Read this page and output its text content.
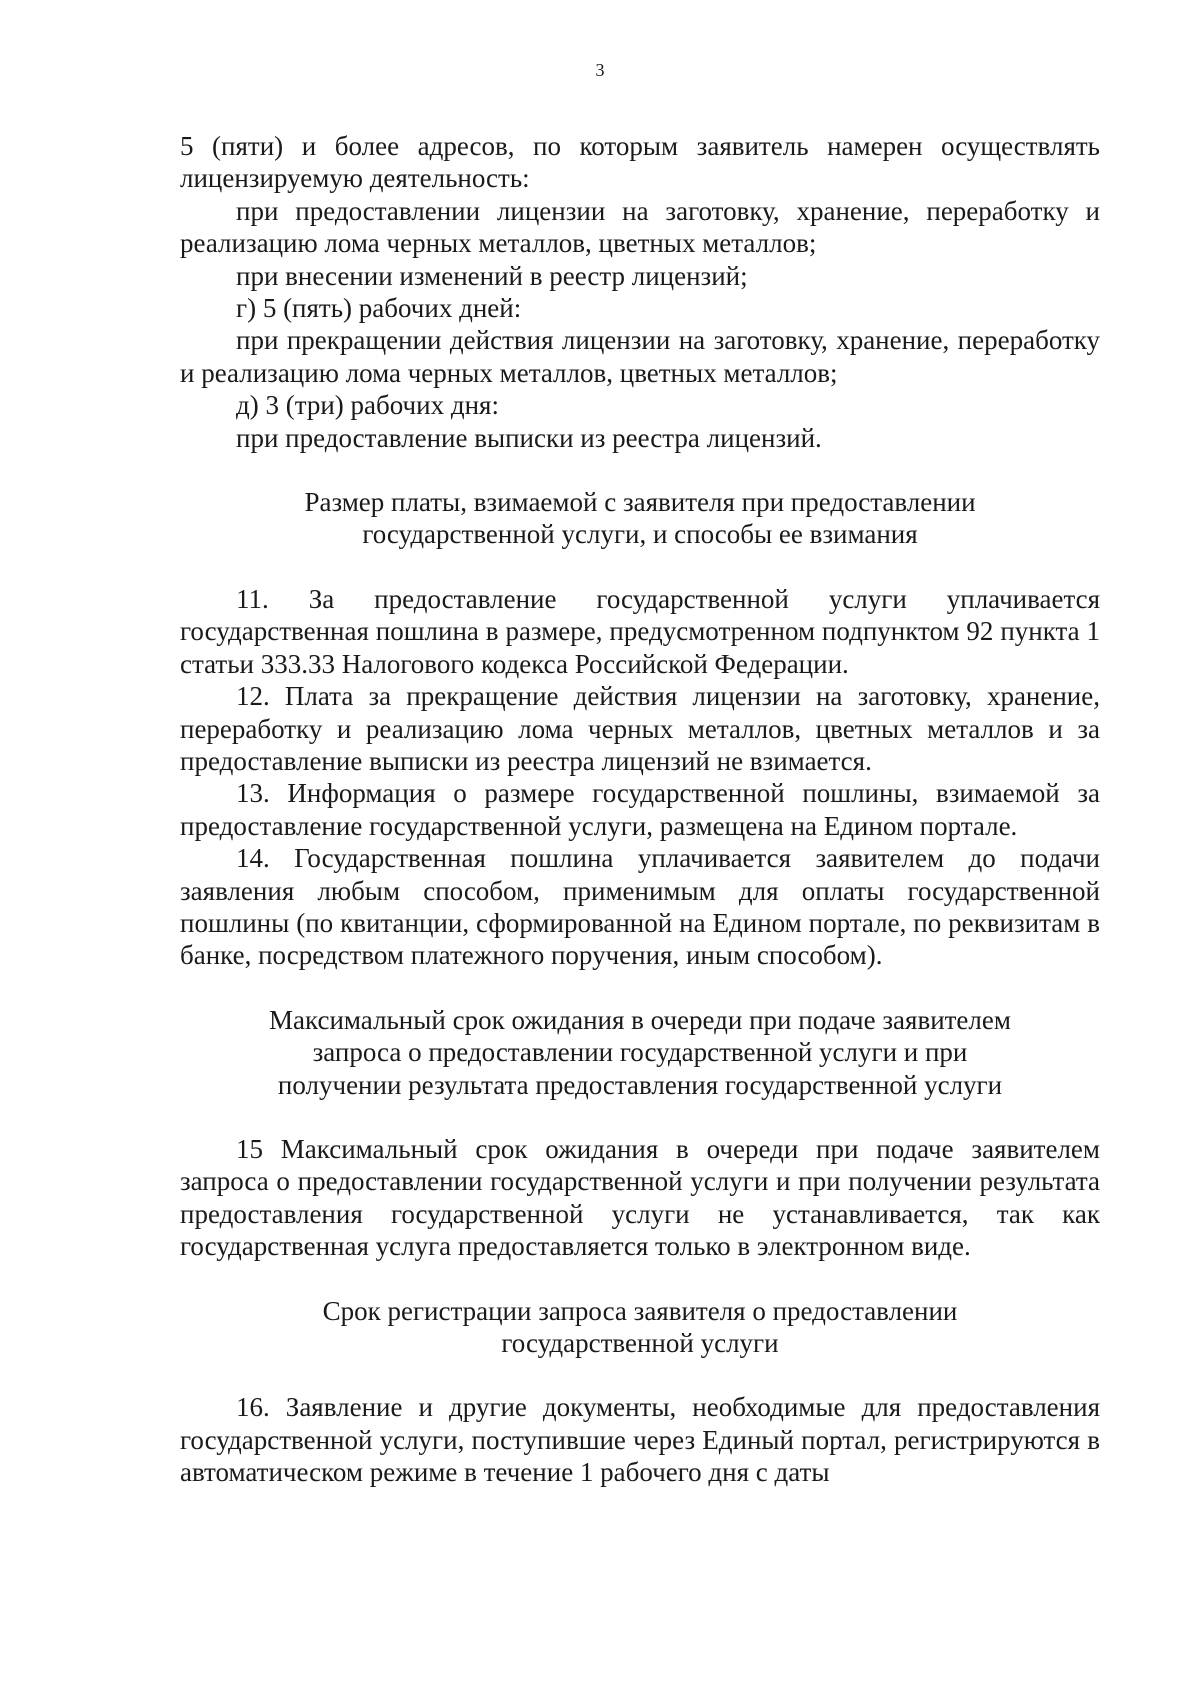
3

5 (пяти) и более адресов, по которым заявитель намерен осуществлять лицензируемую деятельность:

при предоставлении лицензии на заготовку, хранение, переработку и реализацию лома черных металлов, цветных металлов;

при внесении изменений в реестр лицензий;

г) 5 (пять) рабочих дней:

при прекращении действия лицензии на заготовку, хранение, переработку и реализацию лома черных металлов, цветных металлов;

д) 3 (три) рабочих дня:

при предоставление выписки из реестра лицензий.

Размер платы, взимаемой с заявителя при предоставлении государственной услуги, и способы ее взимания

11. За предоставление государственной услуги уплачивается государственная пошлина в размере, предусмотренном подпунктом 92 пункта 1 статьи 333.33 Налогового кодекса Российской Федерации.

12. Плата за прекращение действия лицензии на заготовку, хранение, переработку и реализацию лома черных металлов, цветных металлов и за предоставление выписки из реестра лицензий не взимается.

13. Информация о размере государственной пошлины, взимаемой за предоставление государственной услуги, размещена на Едином портале.

14. Государственная пошлина уплачивается заявителем до подачи заявления любым способом, применимым для оплаты государственной пошлины (по квитанции, сформированной на Едином портале, по реквизитам в банке, посредством платежного поручения, иным способом).

Максимальный срок ожидания в очереди при подаче заявителем запроса о предоставлении государственной услуги и при получении результата предоставления государственной услуги

15 Максимальный срок ожидания в очереди при подаче заявителем запроса о предоставлении государственной услуги и при получении результата предоставления государственной услуги не устанавливается, так как государственная услуга предоставляется только в электронном виде.

Срок регистрации запроса заявителя о предоставлении государственной услуги

16. Заявление и другие документы, необходимые для предоставления государственной услуги, поступившие через Единый портал, регистрируются в автоматическом режиме в течение 1 рабочего дня с даты
